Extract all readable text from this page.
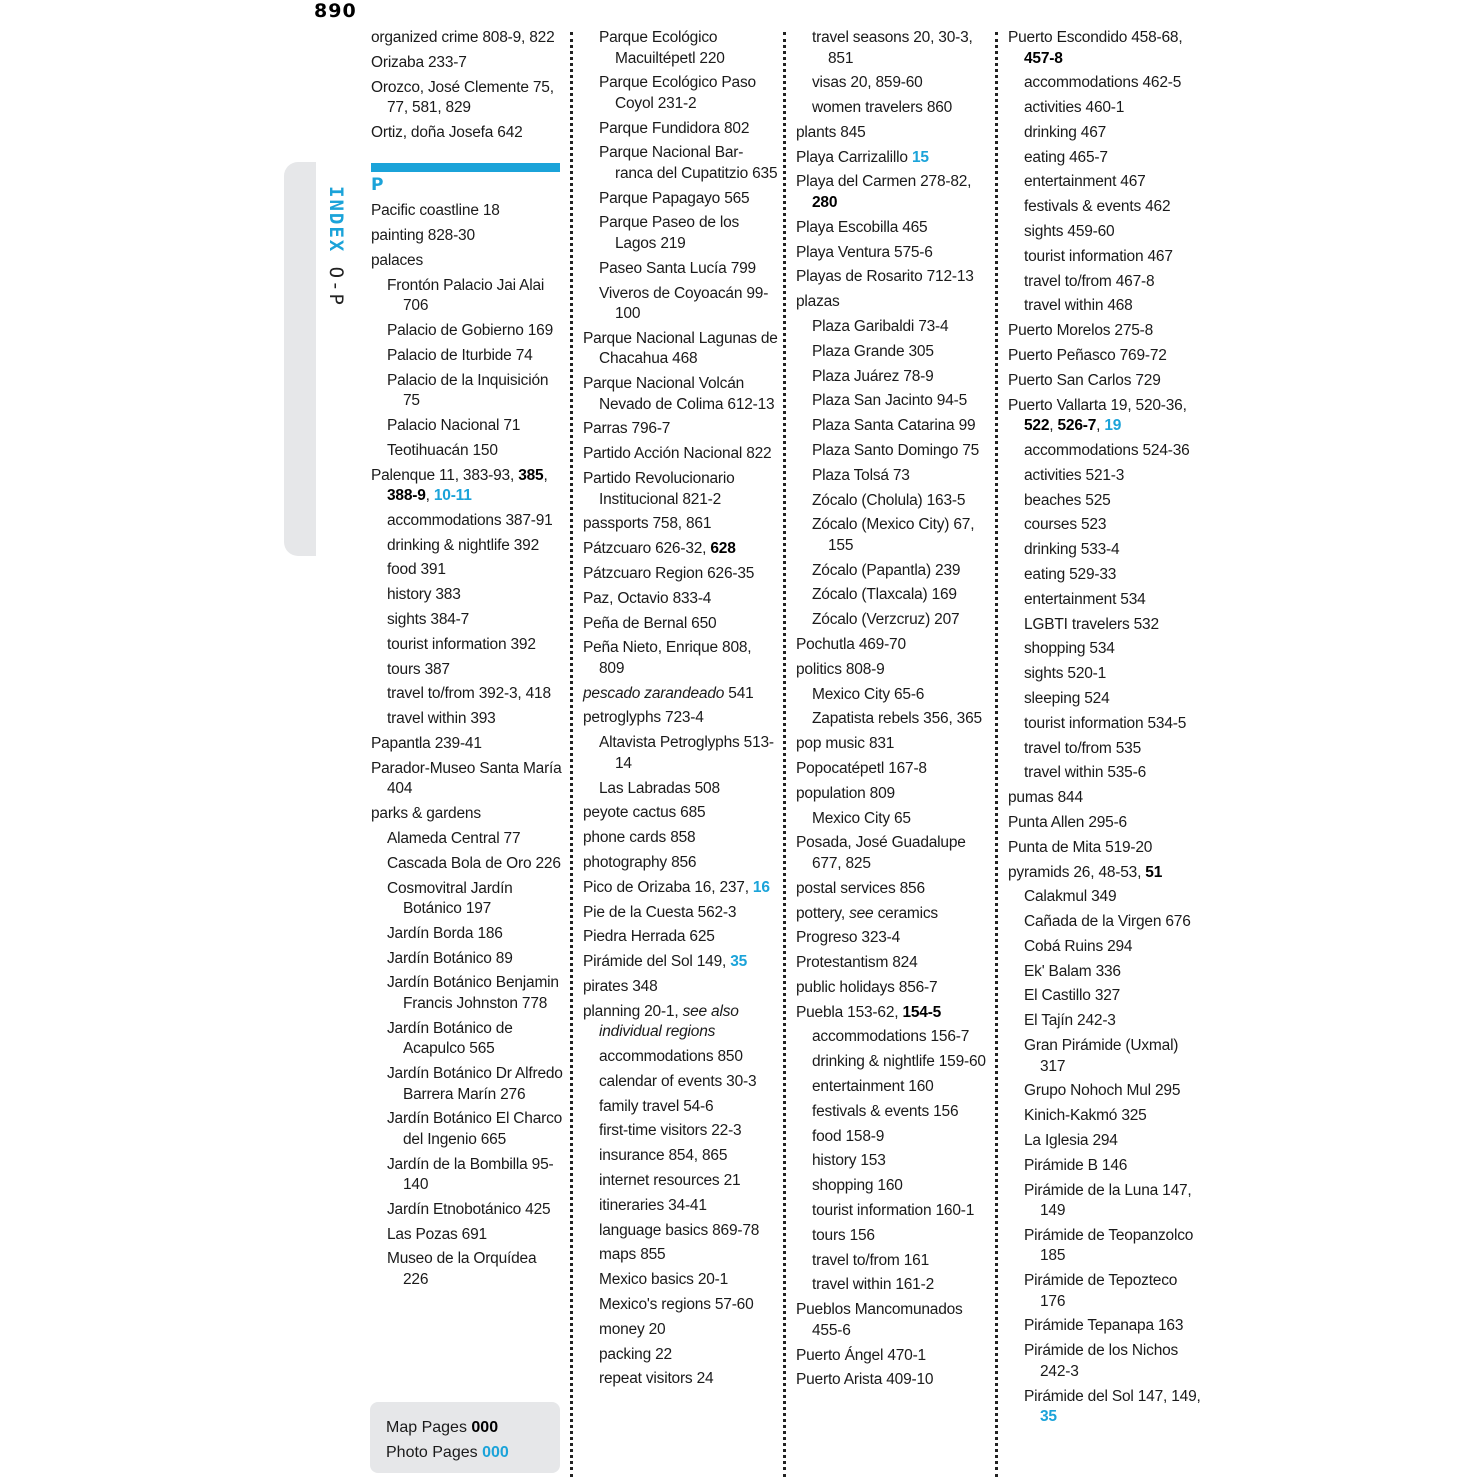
890
INDEX O-P
organized crime 808-9, 822
Orizaba 233-7
Orozco, José Clemente 75, 77, 581, 829
Ortiz, doña Josefa 642
P
Pacific coastline 18
painting 828-30
palaces
Frontón Palacio Jai Alai 706
Palacio de Gobierno 169
Palacio de Iturbide 74
Palacio de la Inquisición 75
Palacio Nacional 71
Teotihuacán 150
Palenque 11, 383-93, 385, 388-9, 10-11
accommodations 387-91
drinking & nightlife 392
food 391
history 383
sights 384-7
tourist information 392
tours 387
travel to/from 392-3, 418
travel within 393
Papantla 239-41
Parador-Museo Santa María 404
parks & gardens
Alameda Central 77
Cascada Bola de Oro 226
Cosmovitral Jardín Botánico 197
Jardín Borda 186
Jardín Botánico 89
Jardín Botánico Benjamin Francis Johnston 778
Jardín Botánico de Acapulco 565
Jardín Botánico Dr Alfredo Barrera Marín 276
Jardín Botánico El Charco del Ingenio 665
Jardín de la Bombilla 95-140
Jardín Etnobotánico 425
Las Pozas 691
Museo de la Orquídea 226
Parque Ecológico Macuiltépetl 220
Parque Ecológico Paso Coyol 231-2
Parque Fundidora 802
Parque Nacional Bar-ranca del Cupatitzio 635
Parque Papagayo 565
Parque Paseo de los Lagos 219
Paseo Santa Lucía 799
Viveros de Coyoacán 99-100
Parque Nacional Lagunas de Chacahua 468
Parque Nacional Volcán Nevado de Colima 612-13
Parras 796-7
Partido Acción Nacional 822
Partido Revolucionario Institucional 821-2
passports 758, 861
Pátzcuaro 626-32, 628
Pátzcuaro Region 626-35
Paz, Octavio 833-4
Peña de Bernal 650
Peña Nieto, Enrique 808, 809
pescado zarandeado 541
petroglyphs 723-4
Altavista Petroglyphs 513-14
Las Labradas 508
peyote cactus 685
phone cards 858
photography 856
Pico de Orizaba 16, 237, 16
Pie de la Cuesta 562-3
Piedra Herrada 625
Pirámide del Sol 149, 35
pirates 348
planning 20-1, see also individual regions
accommodations 850
calendar of events 30-3
family travel 54-6
first-time visitors 22-3
insurance 854, 865
internet resources 21
itineraries 34-41
language basics 869-78
maps 855
Mexico basics 20-1
Mexico's regions 57-60
money 20
packing 22
repeat visitors 24
travel seasons 20, 30-3, 851
visas 20, 859-60
women travelers 860
plants 845
Playa Carrizalillo 15
Playa del Carmen 278-82, 280
Playa Escobilla 465
Playa Ventura 575-6
Playas de Rosarito 712-13
plazas
Plaza Garibaldi 73-4
Plaza Grande 305
Plaza Juárez 78-9
Plaza San Jacinto 94-5
Plaza Santa Catarina 99
Plaza Santo Domingo 75
Plaza Tolsá 73
Zócalo (Cholula) 163-5
Zócalo (Mexico City) 67, 155
Zócalo (Papantla) 239
Zócalo (Tlaxcala) 169
Zócalo (Verzcruz) 207
Pochutla 469-70
politics 808-9
Mexico City 65-6
Zapatista rebels 356, 365
pop music 831
Popocatépetl 167-8
population 809
Mexico City 65
Posada, José Guadalupe 677, 825
postal services 856
pottery, see ceramics
Progreso 323-4
Protestantism 824
public holidays 856-7
Puebla 153-62, 154-5
accommodations 156-7
drinking & nightlife 159-60
entertainment 160
festivals & events 156
food 158-9
history 153
shopping 160
tourist information 160-1
tours 156
travel to/from 161
travel within 161-2
Pueblos Mancomunados 455-6
Puerto Ángel 470-1
Puerto Arista 409-10
Puerto Escondido 458-68, 457-8
accommodations 462-5
activities 460-1
drinking 467
eating 465-7
entertainment 467
festivals & events 462
sights 459-60
tourist information 467
travel to/from 467-8
travel within 468
Puerto Morelos 275-8
Puerto Peñasco 769-72
Puerto San Carlos 729
Puerto Vallarta 19, 520-36, 522, 526-7, 19
accommodations 524-36
activities 521-3
beaches 525
courses 523
drinking 533-4
eating 529-33
entertainment 534
LGBTI travelers 532
shopping 534
sights 520-1
sleeping 524
tourist information 534-5
travel to/from 535
travel within 535-6
pumas 844
Punta Allen 295-6
Punta de Mita 519-20
pyramids 26, 48-53, 51
Calakmul 349
Cañada de la Virgen 676
Cobá Ruins 294
Ek' Balam 336
El Castillo 327
El Tajín 242-3
Gran Pirámide (Uxmal) 317
Grupo Nohoch Mul 295
Kinich-Kakmó 325
La Iglesia 294
Pirámide B 146
Pirámide de la Luna 147, 149
Pirámide de Teopanzolco 185
Pirámide de Tepozteco 176
Pirámide Tepanapa 163
Pirámide de los Nichos 242-3
Pirámide del Sol 147, 149, 35
Map Pages 000
Photo Pages 000
